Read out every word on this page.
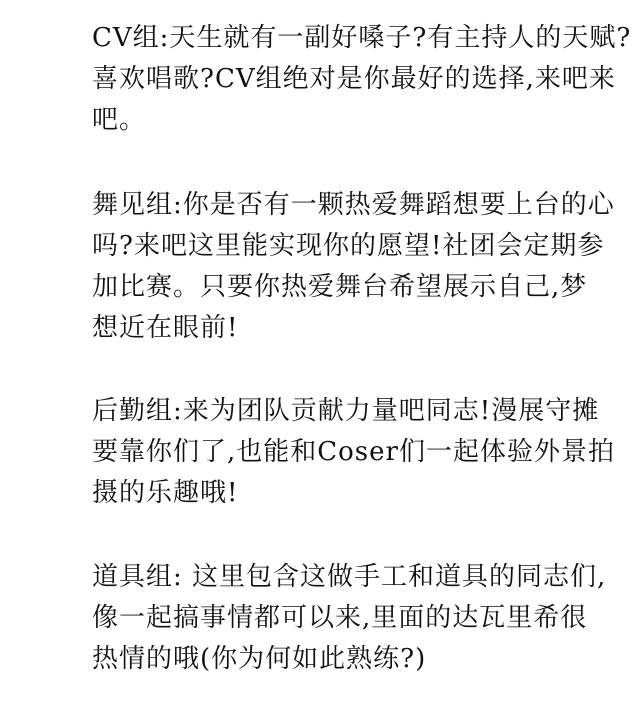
CV组:天生就有一副好嗓子?有主持人的天赋?
喜欢唱歌?CV组绝对是你最好的选择,来吧来
吧。
舞见组:你是否有一颗热爱舞蹈想要上台的心
吗?来吧这里能实现你的愿望!社团会定期参
加比赛。只要你热爱舞台希望展示自己,梦
想近在眼前!
后勤组:来为团队贡献力量吧同志!漫展守摊
要靠你们了,也能和Coser们一起体验外景拍
摄的乐趣哦!
道具组: 这里包含这做手工和道具的同志们,
像一起搞事情都可以来,里面的达瓦里希很
热情的哦(你为何如此熟练?)
